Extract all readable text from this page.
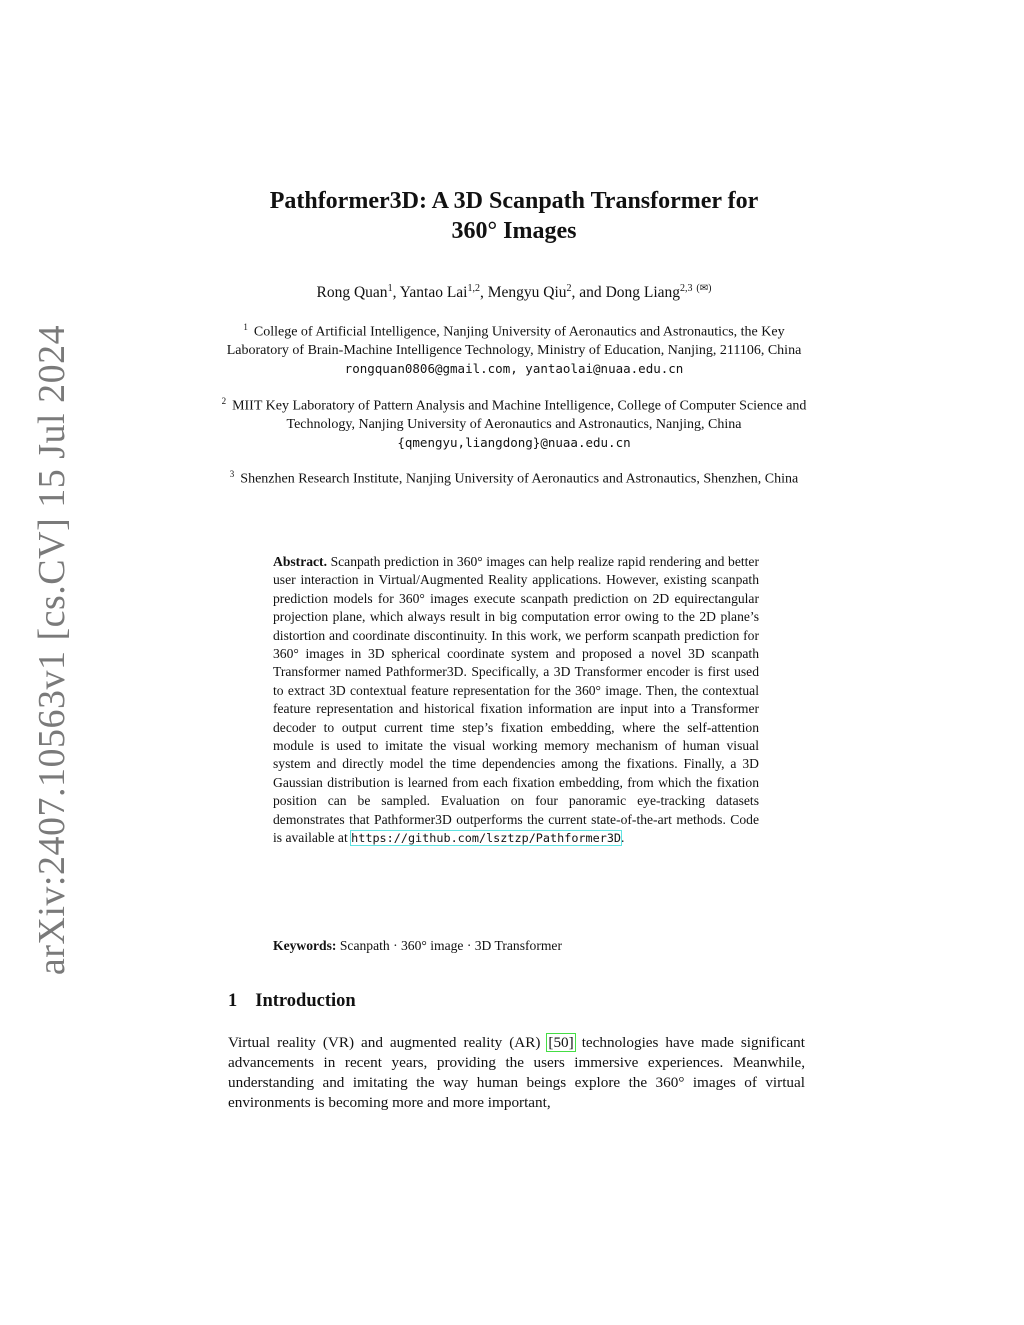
arXiv:2407.10563v1 [cs.CV] 15 Jul 2024
Pathformer3D: A 3D Scanpath Transformer for
360° Images
Rong Quan$^1$, Yantao Lai$^{1,2}$, Mengyu Qiu$^2$, and Dong Liang$^{2,3}$ (✉)
$^1$ College of Artificial Intelligence, Nanjing University of Aeronautics and Astronautics, the Key Laboratory of Brain-Machine Intelligence Technology, Ministry of Education, Nanjing, 211106, China
rongquan0806@gmail.com, yantaolai@nuaa.edu.cn
$^2$ MIIT Key Laboratory of Pattern Analysis and Machine Intelligence, College of Computer Science and Technology, Nanjing University of Aeronautics and Astronautics, Nanjing, China
{qmengyu,liangdong}@nuaa.edu.cn
$^3$ Shenzhen Research Institute, Nanjing University of Aeronautics and Astronautics, Shenzhen, China
Abstract. Scanpath prediction in 360° images can help realize rapid rendering and better user interaction in Virtual/Augmented Reality applications. However, existing scanpath prediction models for 360° images execute scanpath prediction on 2D equirectangular projection plane, which always result in big computation error owing to the 2D plane’s distortion and coordinate discontinuity. In this work, we perform scanpath prediction for 360° images in 3D spherical coordinate system and proposed a novel 3D scanpath Transformer named Pathformer3D. Specifically, a 3D Transformer encoder is first used to extract 3D contextual feature representation for the 360° image. Then, the contextual feature representation and historical fixation information are input into a Transformer decoder to output current time step’s fixation embedding, where the self-attention module is used to imitate the visual working memory mechanism of human visual system and directly model the time dependencies among the fixations. Finally, a 3D Gaussian distribution is learned from each fixation embedding, from which the fixation position can be sampled. Evaluation on four panoramic eye-tracking datasets demonstrates that Pathformer3D outperforms the current state-of-the-art methods. Code is available at https://github.com/lsztzp/Pathformer3D.
Keywords: Scanpath · 360° image · 3D Transformer
1 Introduction
Virtual reality (VR) and augmented reality (AR) [50] technologies have made significant advancements in recent years, providing the users immersive experiences. Meanwhile, understanding and imitating the way human beings explore the 360° images of virtual environments is becoming more and more important,
